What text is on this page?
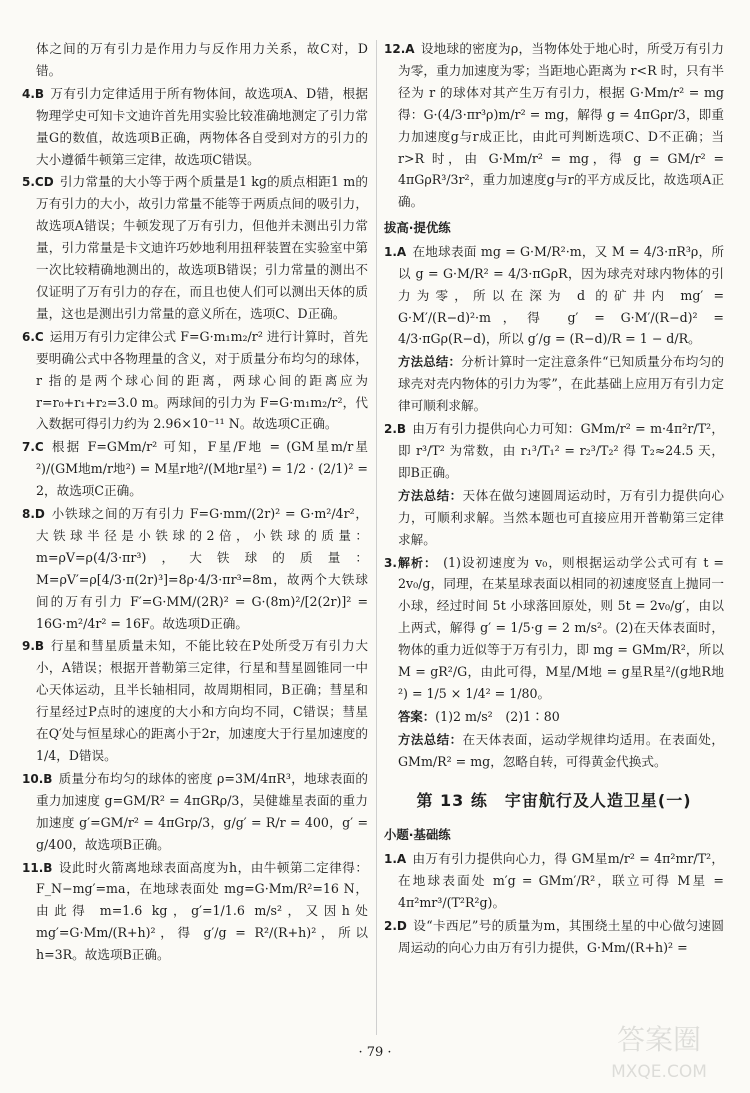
体之间的万有引力是作用力与反作用力关系，故C对，D错。

4.B 万有引力定律适用于所有物体间，故选项A、D错，根据物理学史可知卡文迪许首先用实验比较准确地测定了引力常量G的数值，故选项B正确，两物体各自受到对方的引力的大小遵循牛顿第三定律，故选项C错误。

5.CD 引力常量的大小等于两个质量是1 kg的质点相距1 m的万有引力的大小，故引力常量不能等于两质点间的吸引力，故选项A错误；牛顿发现了万有引力，但他并未测出引力常量，引力常量是卡文迪许巧妙地利用扭秤装置在实验室中第一次比较精确地测出的，故选项B错误；引力常量的测出不仅证明了万有引力的存在，而且也使人们可以测出天体的质量，这也是测出引力常量的意义所在，选项C、D正确。

6.C 运用万有引力定律公式 F=G·m₁m₂/r² 进行计算时，首先要明确公式中各物理量的含义，对于质量分布均匀的球体，r 指的是两个球心间的距离，两球心间的距离应为 r=r₀+r₁+r₂=3.0 m。两球间的引力为 F=G·m₁m₂/r²，代入数据可得引力约为 2.96×10⁻¹¹ N。故选项C正确。

7.C 根据 F=GMm/r² 可知，F星/F地 = (GM星m/r星²)/(GM地m/r地²) = M星r地²/(M地r星²) = 1/2 · (2/1)² = 2，故选项C正确。

8.D 小铁球之间的万有引力 F=G·mm/(2r)² = G·m²/4r²，大铁球半径是小铁球的2倍，小铁球的质量：m=ρV=ρ(4/3·πr³)，大铁球的质量：M=ρV′=ρ[4/3·π(2r)³]=8ρ·4/3·πr³=8m，故两个大铁球间的万有引力 F′=G·MM/(2R)² = G·(8m)²/[2(2r)]² = 16G·m²/4r² = 16F。故选项D正确。

9.B 行星和彗星质量未知，不能比较在P处所受万有引力大小，A错误；根据开普勒第三定律，行星和彗星圆锥同一中心天体运动，且半长轴相同，故周期相同，B正确；彗星和行星经过P点时的速度的大小和方向均不同，C错误；彗星在Q′处与恒星球心的距离小于2r，加速度大于行星加速度的1/4，D错误。

10.B 质量分布均匀的球体的密度 ρ=3M/4πR³，地球表面的重力加速度 g=GM/R² = 4πGRρ/3，吴健雄星表面的重力加速度 g′=GM/r² = 4πGrρ/3，g/g′ = R/r = 400，g′ = g/400，故选项B正确。

11.B 设此时火箭离地球表面高度为h，由牛顿第二定律得：F_N−mg′=ma，在地球表面处 mg=G·Mm/R²=16 N，由此得 m=1.6 kg，g′=1/1.6 m/s²，又因h处 mg′=G·Mm/(R+h)²，得 g′/g = R²/(R+h)²，所以 h=3R。故选项B正确。

12.A 设地球的密度为ρ，当物体处于地心时，所受万有引力为零，重力加速度为零；当距地心距离为 r<R 时，只有半径为 r 的球体对其产生万有引力，根据 G·Mm/r² = mg 得：G·(4/3·πr³ρ)m/r² = mg，解得 g = 4πGρr/3，即重力加速度g与r成正比，由此可判断选项C、D不正确；当 r>R 时，由 G·Mm/r² = mg，得 g = GM/r² = 4πGρR³/3r²，重力加速度g与r的平方成反比，故选项A正确。

拔高·提优练

1.A 在地球表面 mg = G·M/R²·m，又 M = 4/3·πR³ρ，所以 g = G·M/R² = 4/3·πGρR，因为球壳对球内物体的引力为零，所以在深为 d 的矿井内 mg′ = G·M′/(R−d)²·m，得 g′ = G·M′/(R−d)² = 4/3·πGρ(R−d)，所以 g′/g = (R−d)/R = 1 − d/R。

方法总结：分析计算时一定注意条件“已知质量分布均匀的球壳对壳内物体的引力为零”，在此基础上应用万有引力定律可顺利求解。

2.B 由万有引力提供向心力可知：GMm/r² = m·4π²r/T²，即 r³/T² 为常数，由 r₁³/T₁² = r₂³/T₂² 得 T₂≈24.5 天，即B正确。

方法总结：天体在做匀速圆周运动时，万有引力提供向心力，可顺利求解。当然本题也可直接应用开普勒第三定律求解。

3.解析： (1)设初速度为 v₀，则根据运动学公式可有 t = 2v₀/g，同理，在某星球表面以相同的初速度竖直上抛同一小球，经过时间 5t 小球落回原处，则 5t = 2v₀/g′，由以上两式，解得 g′ = 1/5·g = 2 m/s²。(2)在天体表面时，物体的重力近似等于万有引力，即 mg = GMm/R²，所以 M = gR²/G，由此可得，M星/M地 = g星R星²/(g地R地²) = 1/5 × 1/4² = 1/80。

答案：(1)2 m/s²　(2)1∶80

方法总结：在天体表面，运动学规律均适用。在表面处，GMm/R² = mg，忽略自转，可得黄金代换式。

第 13 练　宇宙航行及人造卫星(一)
小题·基础练

1.A 由万有引力提供向心力，得 GM星m/r² = 4π²mr/T²，在地球表面处 m′g = GMm′/R²，联立可得 M星 = 4π²mr³/(T²R²g)。

2.D 设“卡西尼”号的质量为m，其围绕土星的中心做匀速圆周运动的向心力由万有引力提供，G·Mm/(R+h)² =

· 79 ·	答案圈
MXQE.COM
